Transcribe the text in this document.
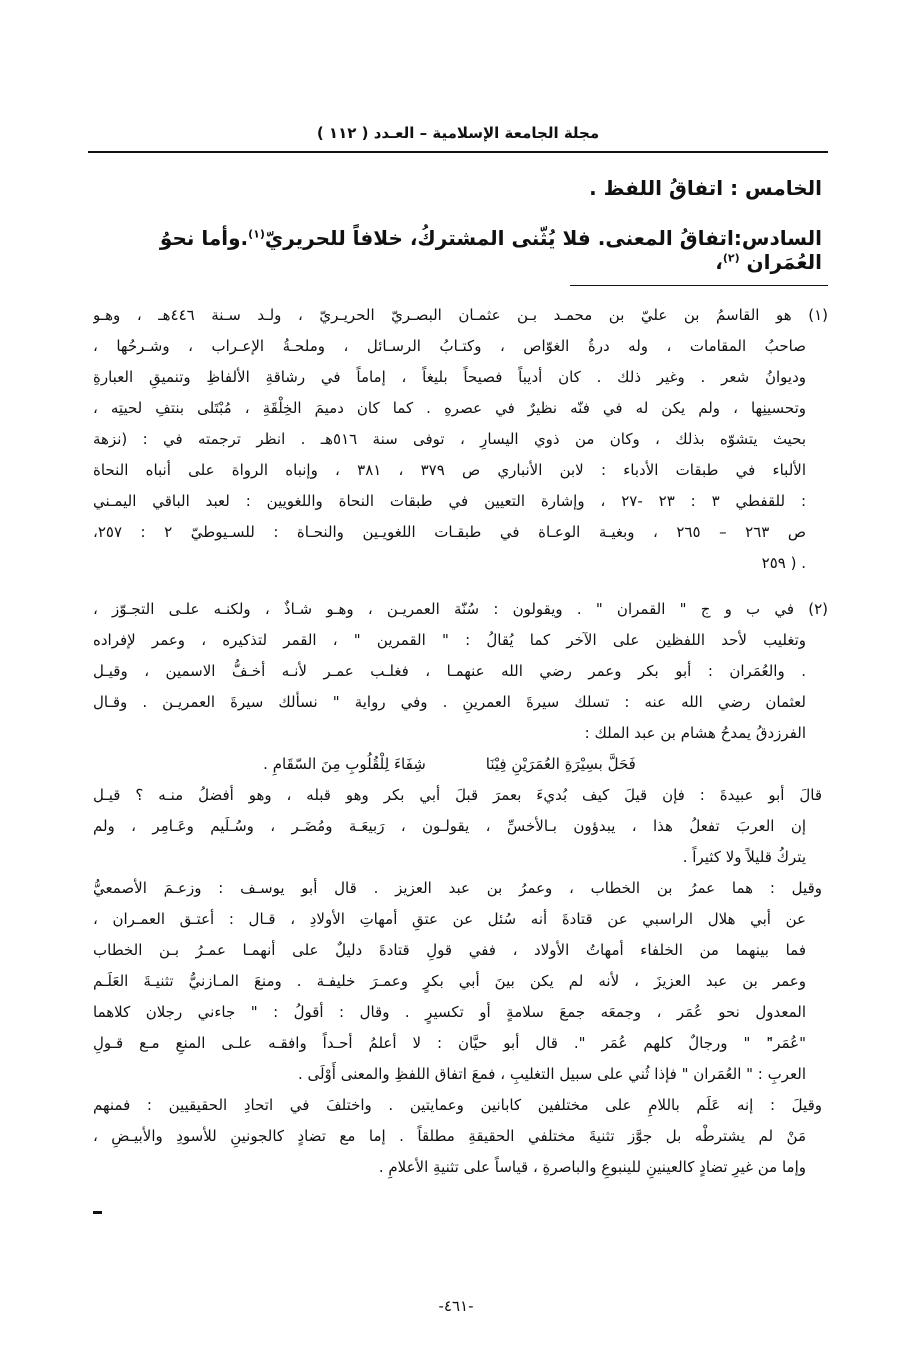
مجلة الجامعة الإسلامية – العـدد ( ١١٢ )
الخامس : اتفاقُ اللفظ .
السادس:اتفاقُ المعنى. فلا يُثّنى المشتركُ، خلافاً للحريريّ$^{(١)}$.وأما نحوُ العُمَران $^{(٢)}$،
(١) هو القاسمُ بن عليّ بن محمـد بـن عثمـان البصـريّ الحريـريّ ، ولـد سـنة ٤٤٦هـ ، وهـو
صاحبُ المقامات ، وله درةُ الغوّاص ، وكتـابُ الرسـائل ، وملحـةُ الإعـراب ، وشـرحُها ،
وديوانُ شعر . وغير ذلك . كان أديباً فصيحاً بليغاً ، إماماً في رشاقةِ الألفاظِ وتنميقِ العبارةِ
وتحسينِها ، ولم يكن له في فنّه نظيرٌ في عصرهِ . كما كان دميمَ الخِلْقَةِ ، مُبْتَلى بنتفِ لحيتِه ،
بحيث يتشوّه بذلك ، وكان من ذوي اليسارِ ، توفى سنة ٥١٦هـ . انظر ترجمته في : (نزهة
الألباء في طبقات الأدباء : لابن الأنباري ص ٣٧٩ ، ٣٨١ ، وإنباه الرواة على أنباه النحاة
: للقفطي ٣ : ٢٣ -٢٧ ، وإشارة التعيين في طبقات النحاة واللغويين : لعبد الباقي اليمـني
ص ٢٦٣ – ٢٦٥ ، وبغيـة الوعـاة في طبقـات اللغويـين والنحـاة : للسـيوطيّ ٢ : ٢٥٧،
. ( ٢٥٩
(٢) في ب و ج " القمران " . ويقولون : سُنّة العمريـن ، وهـو شـاذٌ ، ولكنـه علـى التجـوّز ،
وتغليب لأحد اللفظين على الآخر كما يُقالُ : " القمرين " ، القمر لتذكيره ، وعمر لإفراده
. والعُمَران : أبو بكر وعمر رضي الله عنهمـا ، فغلـب عمـر لأنـه أخـفُّ الاسمين ، وقيـل
لعثمان رضي الله عنه : تسلك سيرةَ العمرينِ . وفي رواية " نسألك سيرةَ العمريـن . وقـال
الفرزدقُ يمدحُ هشام بن عبد الملك :
فَحَلَّ بسِيْرَةِ العُمَرَيْنِ فِيْنَا
شِفَاءَ لِلْقُلُوبِ مِنَ السّقَامِ .
قالَ أبو عبيدةَ : فإن قيلَ كيف بُديءَ بعمرَ قبلَ أبي بكر وهو قبله ، وهو أفضلُ منـه ؟ قيـل
إن العربَ تفعلُ هذا ، يبدؤون بـالأخسِّ ، يقولـون ، رَبيعَـة ومُضَـر ، وسُـلَيم وعَـامِر ، ولم
يتركُ قليلاً ولا كثيراً .
وقيل : هما عمرُ بن الخطاب ، وعمرُ بن عبد العزيز . قال أبو يوسـف : وزعـمَ الأصمعيُّ
عن أبي هلال الراسبي عن قتادةَ أنه سُئل عن عتقِ أمهاتِ الأولادِ ، قـال : أعتـق العمـران ،
فما بينهما من الخلفاء أمهاتُ الأولاد ، ففي قولِ قتادةَ دليلٌ على أنهمـا عمـرُ بـن الخطاب
وعمر بن عبد العزيزَ ، لأنه لم يكن بينَ أبي بكرٍ وعمـرَ خليفـة . ومنعَ المـازنيُّ تثنيـةَ العَلَـم
المعدول نحو عُمَر ، وجمعَه جمعَ سلامةٍ أو تكسيرٍ . وقال : أقولُ : " جاءني رجلان كلاهما
"عُمَر"َ " ورجالٌ كلهم عُمَر ". قال أبو حيَّان : لا أعلمُ أحـداً وافقـه علـى المنعِ مـع قـولِ
العربِ : " العُمَران " فإذا ثُني على سبيل التغليبِ ، فمعَ اتفاق اللفظِ والمعنى أَوْلَى .
وقيلَ : إنه عَلَم باللامِ على مختلفين كابانين وعمايتين . واختلفَ في اتحادِ الحقيقيين : فمنهم
مَنْ لم يشترطْه بل جوَّز تثنيةَ مختلفي الحقيقةِ مطلقاً . إما مع تضادٍ كالجونينِ للأسودِ والأبيـضِ ،
وإما من غيرِ تضادٍ كالعينينِ للينبوعِ والباصرةِ ، قياساً على تثنيةِ الأعلامِ .
-٤٦١-
